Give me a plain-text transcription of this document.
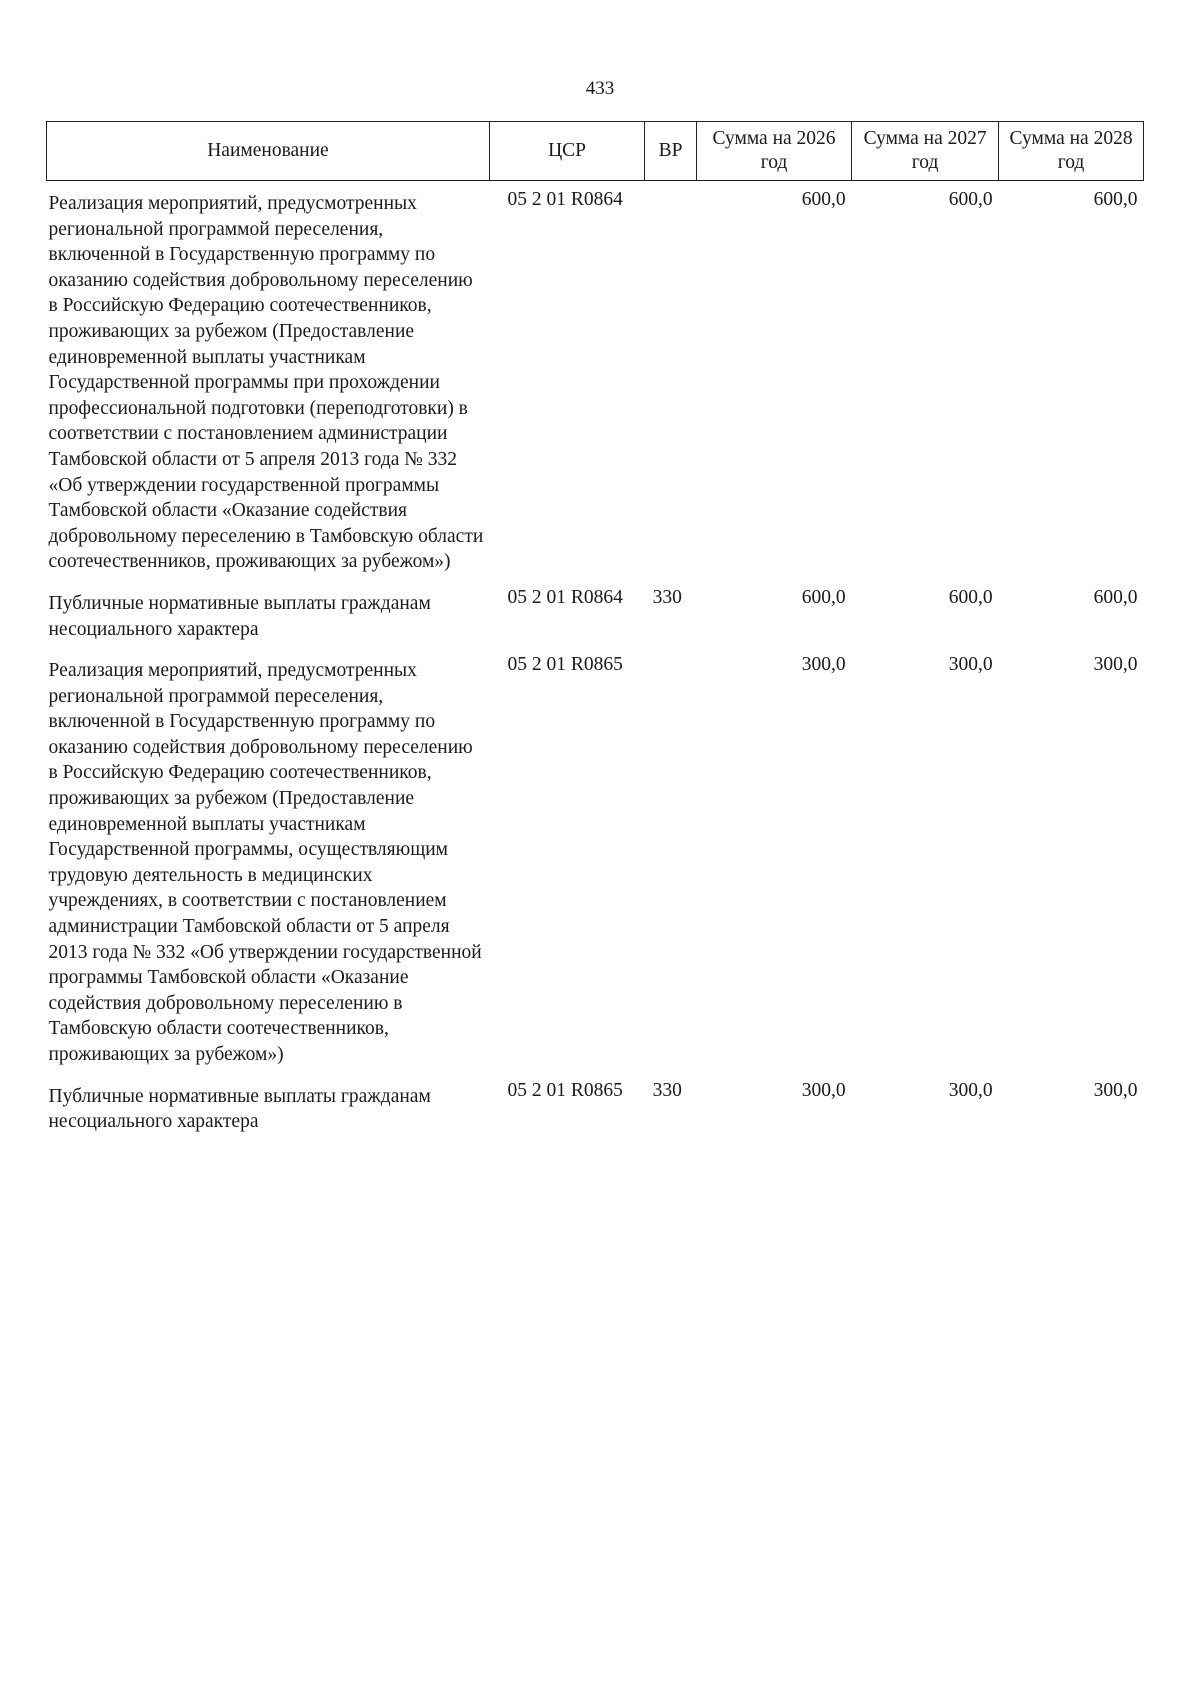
433
Наименование	ЦСР	ВР	Сумма на 2026 год	Сумма на 2027 год	Сумма на 2028 год
Реализация мероприятий, предусмотренных региональной программой переселения, включенной в Государственную программу по оказанию содействия добровольному переселению в Российскую Федерацию соотечественников, проживающих за рубежом (Предоставление единовременной выплаты участникам Государственной программы при прохождении профессиональной подготовки (переподготовки) в соответствии с постановлением администрации Тамбовской области от 5 апреля 2013 года № 332 «Об утверждении государственной программы Тамбовской области «Оказание содействия добровольному переселению в Тамбовскую области соотечественников, проживающих за рубежом»)	05 2 01 R0864		600,0	600,0	600,0
Публичные нормативные выплаты гражданам несоциального характера	05 2 01 R0864	330	600,0	600,0	600,0
Реализация мероприятий, предусмотренных региональной программой переселения, включенной в Государственную программу по оказанию содействия добровольному переселению в Российскую Федерацию соотечественников, проживающих за рубежом (Предоставление единовременной выплаты участникам Государственной программы, осуществляющим трудовую деятельность в медицинских учреждениях, в соответствии с постановлением администрации Тамбовской области от 5 апреля 2013 года № 332 «Об утверждении государственной программы Тамбовской области «Оказание содействия добровольному переселению в Тамбовскую области соотечественников, проживающих за рубежом»)	05 2 01 R0865		300,0	300,0	300,0
Публичные нормативные выплаты гражданам несоциального характера	05 2 01 R0865	330	300,0	300,0	300,0
